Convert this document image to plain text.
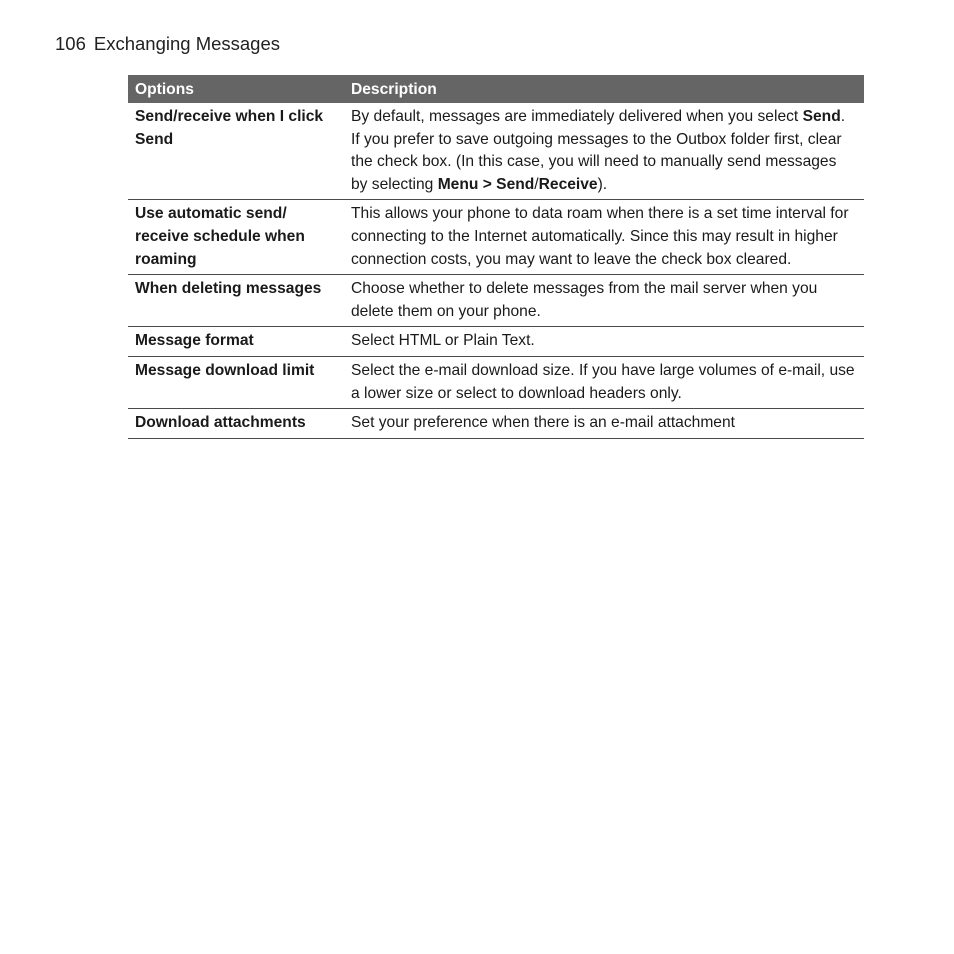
106 Exchanging Messages
Options	Description
Send/receive when I click Send	By default, messages are immediately delivered when you select Send. If you prefer to save outgoing messages to the Outbox folder first, clear the check box. (In this case, you will need to manually send messages by selecting Menu > Send/Receive).
Use automatic send/ receive schedule when roaming	This allows your phone to data roam when there is a set time interval for connecting to the Internet automatically. Since this may result in higher connection costs, you may want to leave the check box cleared.
When deleting messages	Choose whether to delete messages from the mail server when you delete them on your phone.
Message format	Select HTML or Plain Text.
Message download limit	Select the e-mail download size. If you have large volumes of e-mail, use a lower size or select to download headers only.
Download attachments	Set your preference when there is an e-mail attachment
